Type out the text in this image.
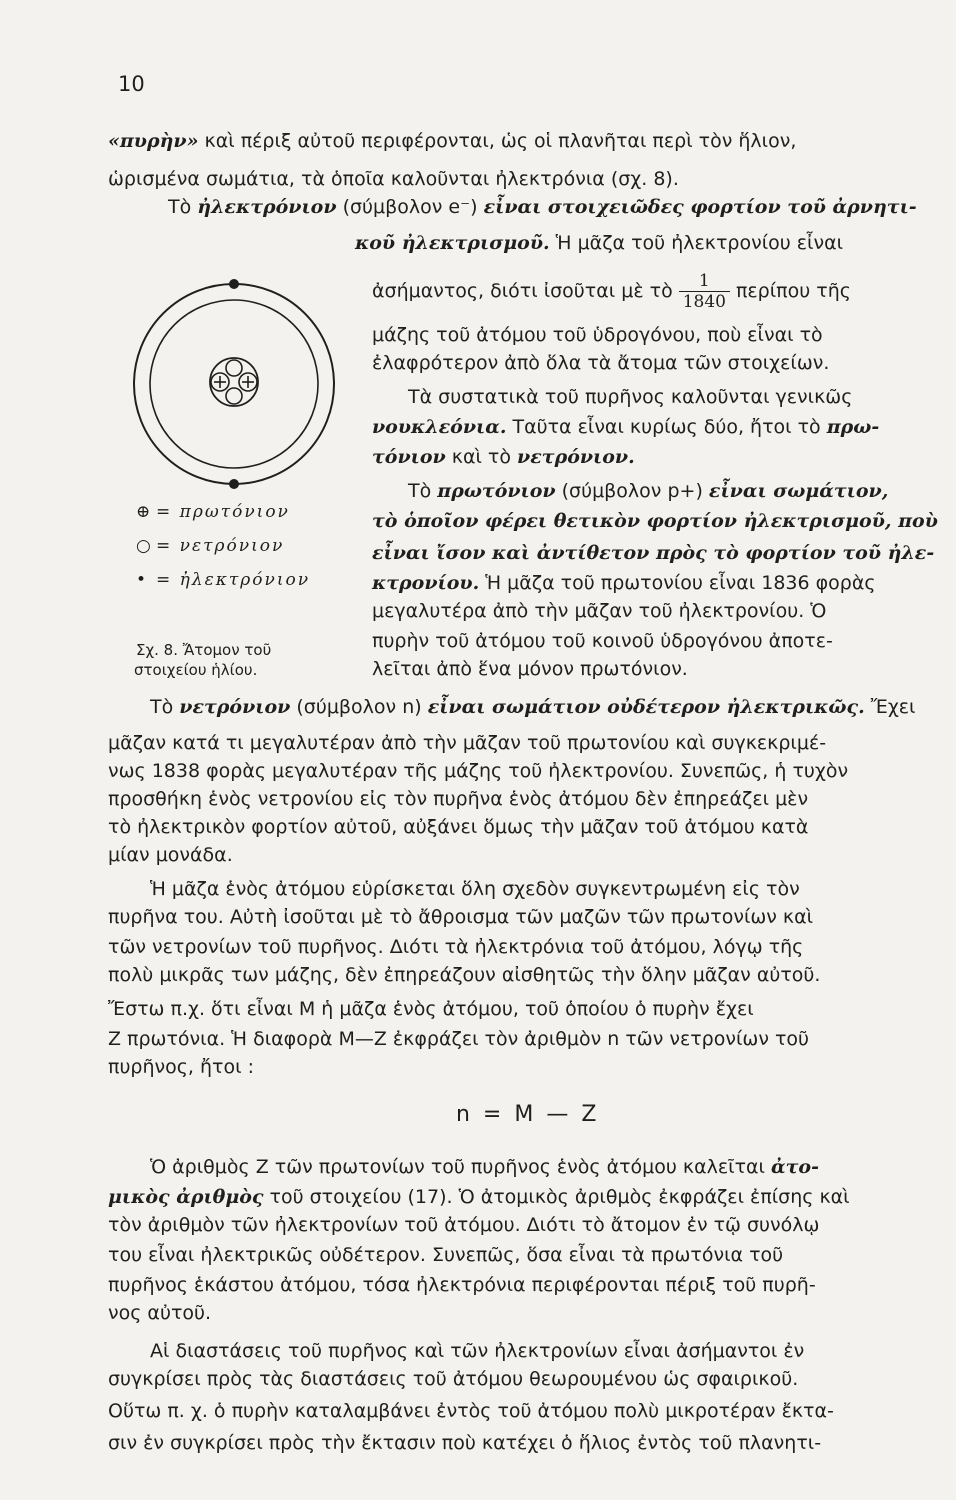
10
«πυρὴν» καὶ πέριξ αὐτοῦ περιφέρονται, ὡς οἱ πλανῆται περὶ τὸν ἥλιον,
ὡρισμένα σωμάτια, τὰ ὁποῖα καλοῦνται ἠλεκτρόνια (σχ. 8).
Τὸ ἠλεκτρόνιον (σύμβολον e⁻) εἶναι στοιχειῶδες φορτίον τοῦ ἀρνητι-
κοῦ ἠλεκτρισμοῦ. Ἡ μᾶζα τοῦ ἠλεκτρονίου εἶναι
ἀσήμαντος, διότι ἰσοῦται μὲ τὸ $\frac{1}{1840}$ περίπου τῆς
μάζης τοῦ ἀτόμου τοῦ ὑδρογόνου, ποὺ εἶναι τὸ
ἐλαφρότερον ἀπὸ ὅλα τὰ ἄτομα τῶν στοιχείων.
Τὰ συστατικὰ τοῦ πυρῆνος καλοῦνται γενικῶς
νουκλεόνια. Ταῦτα εἶναι κυρίως δύο, ἤτοι τὸ πρω-
τόνιον καὶ τὸ νετρόνιον.
Τὸ πρωτόνιον (σύμβολον p+) εἶναι σωμάτιον,
τὸ ὁποῖον φέρει θετικὸν φορτίον ἠλεκτρισμοῦ, ποὺ
εἶναι ἴσον καὶ ἀντίθετον πρὸς τὸ φορτίον τοῦ ἠλε-
κτρονίου. Ἡ μᾶζα τοῦ πρωτονίου εἶναι 1836 φορὰς
μεγαλυτέρα ἀπὸ τὴν μᾶζαν τοῦ ἠλεκτρονίου. Ὁ
πυρὴν τοῦ ἀτόμου τοῦ κοινοῦ ὑδρογόνου ἀποτε-
λεῖται ἀπὸ ἕνα μόνον πρωτόνιον.
⊕ = πρωτόνιον
○ = νετρόνιον
• = ἠλεκτρόνιον
Σχ. 8. Ἄτομον τοῦ
στοιχείου ἡλίου.
Τὸ νετρόνιον (σύμβολον n) εἶναι σωμάτιον οὐδέτερον ἠλεκτρικῶς. Ἔχει
μᾶζαν κατά τι μεγαλυτέραν ἀπὸ τὴν μᾶζαν τοῦ πρωτονίου καὶ συγκεκριμέ-
νως 1838 φορὰς μεγαλυτέραν τῆς μάζης τοῦ ἠλεκτρονίου. Συνεπῶς, ἡ τυχὸν
προσθήκη ἑνὸς νετρονίου εἰς τὸν πυρῆνα ἑνὸς ἀτόμου δὲν ἐπηρεάζει μὲν
τὸ ἠλεκτρικὸν φορτίον αὐτοῦ, αὐξάνει ὅμως τὴν μᾶζαν τοῦ ἀτόμου κατὰ
μίαν μονάδα.
Ἡ μᾶζα ἑνὸς ἀτόμου εὑρίσκεται ὅλη σχεδὸν συγκεντρωμένη εἰς τὸν
πυρῆνα του. Αὐτὴ ἰσοῦται μὲ τὸ ἄθροισμα τῶν μαζῶν τῶν πρωτονίων καὶ
τῶν νετρονίων τοῦ πυρῆνος. Διότι τὰ ἠλεκτρόνια τοῦ ἀτόμου, λόγῳ τῆς
πολὺ μικρᾶς των μάζης, δὲν ἐπηρεάζουν αἰσθητῶς τὴν ὅλην μᾶζαν αὐτοῦ.
Ἔστω π.χ. ὅτι εἶναι Μ ἡ μᾶζα ἑνὸς ἀτόμου, τοῦ ὁποίου ὁ πυρὴν ἔχει
Ζ πρωτόνια. Ἡ διαφορὰ Μ—Ζ ἐκφράζει τὸν ἀριθμὸν n τῶν νετρονίων τοῦ
πυρῆνος, ἤτοι :
n = M — Z
Ὁ ἀριθμὸς Ζ τῶν πρωτονίων τοῦ πυρῆνος ἑνὸς ἀτόμου καλεῖται ἀτο-
μικὸς ἀριθμὸς τοῦ στοιχείου (17). Ὁ ἀτομικὸς ἀριθμὸς ἐκφράζει ἐπίσης καὶ
τὸν ἀριθμὸν τῶν ἠλεκτρονίων τοῦ ἀτόμου. Διότι τὸ ἄτομον ἐν τῷ συνόλῳ
του εἶναι ἠλεκτρικῶς οὐδέτερον. Συνεπῶς, ὅσα εἶναι τὰ πρωτόνια τοῦ
πυρῆνος ἑκάστου ἀτόμου, τόσα ἠλεκτρόνια περιφέρονται πέριξ τοῦ πυρῆ-
νος αὐτοῦ.
Αἱ διαστάσεις τοῦ πυρῆνος καὶ τῶν ἠλεκτρονίων εἶναι ἀσήμαντοι ἐν
συγκρίσει πρὸς τὰς διαστάσεις τοῦ ἀτόμου θεωρουμένου ὡς σφαιρικοῦ.
Οὕτω π. χ. ὁ πυρὴν καταλαμβάνει ἐντὸς τοῦ ἀτόμου πολὺ μικροτέραν ἔκτα-
σιν ἐν συγκρίσει πρὸς τὴν ἔκτασιν ποὺ κατέχει ὁ ἥλιος ἐντὸς τοῦ πλανητι-
